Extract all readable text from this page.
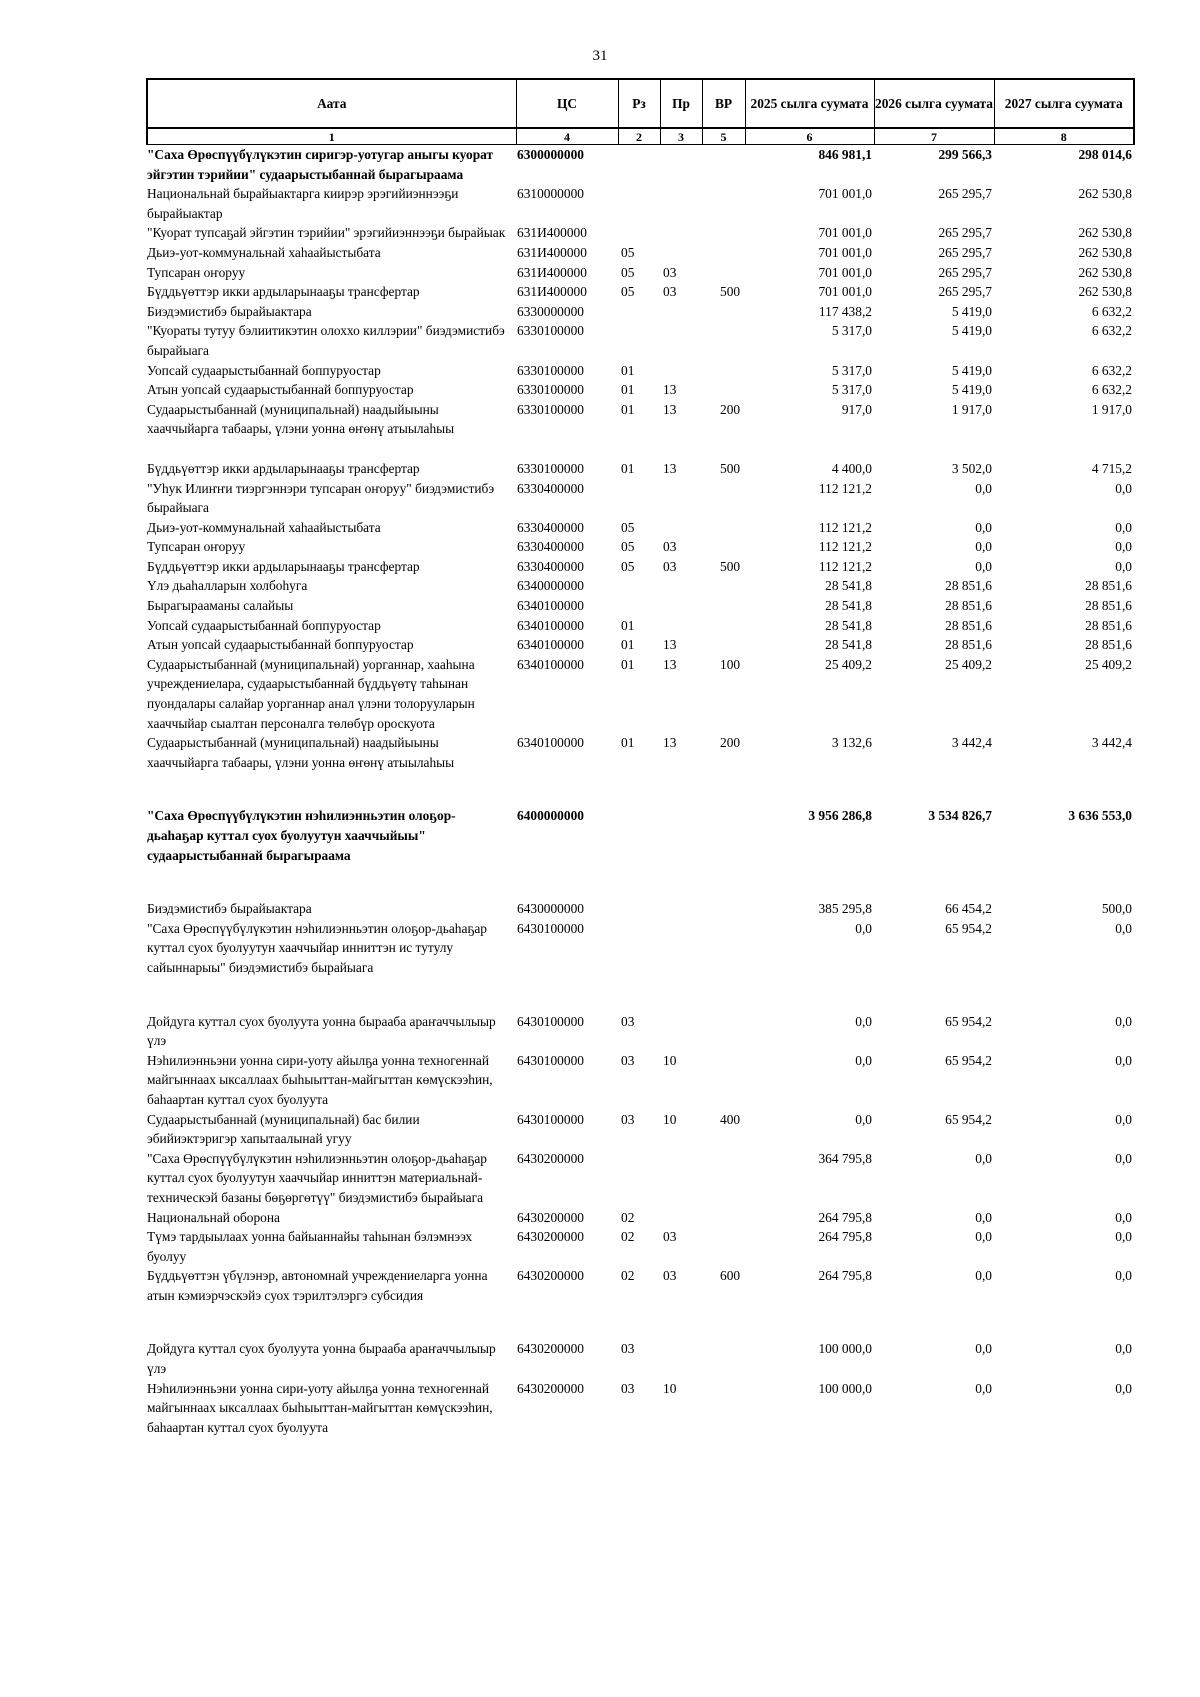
31
Аата	ЦС	Рз	Пр	ВР	2025 сылга суумата	2026 сылга суумата	2027 сылга суумата
1	4	2	3	5	6	7	8
"Саха Өрөспүүбүлүкэтин сиригэр-уотугар аныгы куорат эйгэтин тэрийии" судаарыстыбаннай бырагыраама	6300000000				846 981,1	299 566,3	298 014,6
Национальнай бырайыактарга киирэр эрэгийиэннээҕи бырайыактар	6310000000				701 001,0	265 295,7	262 530,8
"Куорат тупсаҕай эйгэтин тэрийии" эрэгийиэннээҕи бырайыак	631И400000				701 001,0	265 295,7	262 530,8
Дьиэ-уот-коммунальнай хаһаайыстыбата	631И400000	05			701 001,0	265 295,7	262 530,8
Тупсаран оҥоруу	631И400000	05	03		701 001,0	265 295,7	262 530,8
Бүддьүөттэр икки ардыларынааҕы трансфертар	631И400000	05	03	500	701 001,0	265 295,7	262 530,8
Биэдэмистибэ бырайыактара	6330000000				117 438,2	5 419,0	6 632,2
"Куораты тутуу бэлиитикэтин олоххо киллэрии" биэдэмистибэ бырайыага	6330100000				5 317,0	5 419,0	6 632,2
Уопсай судаарыстыбаннай боппуруостар	6330100000	01			5 317,0	5 419,0	6 632,2
Атын уопсай судаарыстыбаннай боппуруостар	6330100000	01	13		5 317,0	5 419,0	6 632,2
Судаарыстыбаннай (муниципальнай) наадыйыыны хааччыйарга табаары, үлэни уонна өҥөнү атыылаһыы	6330100000	01	13	200	917,0	1 917,0	1 917,0
Бүддьүөттэр икки ардыларынааҕы трансфертар	6330100000	01	13	500	4 400,0	3 502,0	4 715,2
"Уһук Илиҥҥи тиэргэннэри тупсаран оҥоруу" биэдэмистибэ бырайыага	6330400000				112 121,2	0,0	0,0
Дьиэ-уот-коммунальнай хаһаайыстыбата	6330400000	05			112 121,2	0,0	0,0
Тупсаран оҥоруу	6330400000	05	03		112 121,2	0,0	0,0
Бүддьүөттэр икки ардыларынааҕы трансфертар	6330400000	05	03	500	112 121,2	0,0	0,0
Үлэ дьаһалларын холбоһуга	6340000000				28 541,8	28 851,6	28 851,6
Бырагырааманы салайыы	6340100000				28 541,8	28 851,6	28 851,6
Уопсай судаарыстыбаннай боппуруостар	6340100000	01			28 541,8	28 851,6	28 851,6
Атын уопсай судаарыстыбаннай боппуруостар	6340100000	01	13		28 541,8	28 851,6	28 851,6
Судаарыстыбаннай (муниципальнай) уорганнар, хааһына учреждениелара, судаарыстыбаннай бүддьүөтү таһынан пуондалары салайар уорганнар анал үлэни толорууларын хааччыйар сыалтан персоналга төлөбүр ороскуота	6340100000	01	13	100	25 409,2	25 409,2	25 409,2
Судаарыстыбаннай (муниципальнай) наадыйыыны хааччыйарга табаары, үлэни уонна өҥөнү атыылаһыы	6340100000	01	13	200	3 132,6	3 442,4	3 442,4
"Саха Өрөспүүбүлүкэтин нэһилиэнньэтин олоҕор-дьаһаҕар куттал суох буолуутун хааччыйыы" судаарыстыбаннай бырагыраама	6400000000				3 956 286,8	3 534 826,7	3 636 553,0
Биэдэмистибэ бырайыактара	6430000000				385 295,8	66 454,2	500,0
"Саха Өрөспүүбүлүкэтин нэһилиэнньэтин олоҕор-дьаһаҕар куттал суох буолуутун хааччыйар инниттэн ис тутулу сайыннарыы" биэдэмистибэ бырайыага	6430100000				0,0	65 954,2	0,0
Дойдуга куттал суох буолуута уонна бырааба араҥаччылыыр үлэ	6430100000	03			0,0	65 954,2	0,0
Нэһилиэнньэни уонна сири-уоту айылҕа уонна техногеннай майгыннаах ыксаллаах быһыыттан-майгыттан көмүскээһин, баһаартан куттал суох буолуута	6430100000	03	10		0,0	65 954,2	0,0
Судаарыстыбаннай (муниципальнай) бас билии эбийиэктэригэр хапытаалынай угуу	6430100000	03	10	400	0,0	65 954,2	0,0
"Саха Өрөспүүбүлүкэтин нэһилиэнньэтин олоҕор-дьаһаҕар куттал суох буолуутун хааччыйар инниттэн материальнай-техническэй базаны бөҕөргөтүү" биэдэмистибэ бырайыага	6430200000				364 795,8	0,0	0,0
Национальнай оборона	6430200000	02			264 795,8	0,0	0,0
Түмэ тардыылаах уонна байыаннайы таһынан бэлэмнээх буолуу	6430200000	02	03		264 795,8	0,0	0,0
Бүддьүөттэн үбүлэнэр, автономнай учреждениеларга уонна атын кэмиэрчэскэйэ суох тэрилтэлэргэ субсидия	6430200000	02	03	600	264 795,8	0,0	0,0
Дойдуга куттал суох буолуута уонна бырааба араҥаччылыыр үлэ	6430200000	03			100 000,0	0,0	0,0
Нэһилиэнньэни уонна сири-уоту айылҕа уонна техногеннай майгыннаах ыксаллаах быһыыттан-майгыттан көмүскээһин, баһаартан куттал суох буолуута	6430200000	03	10		100 000,0	0,0	0,0
